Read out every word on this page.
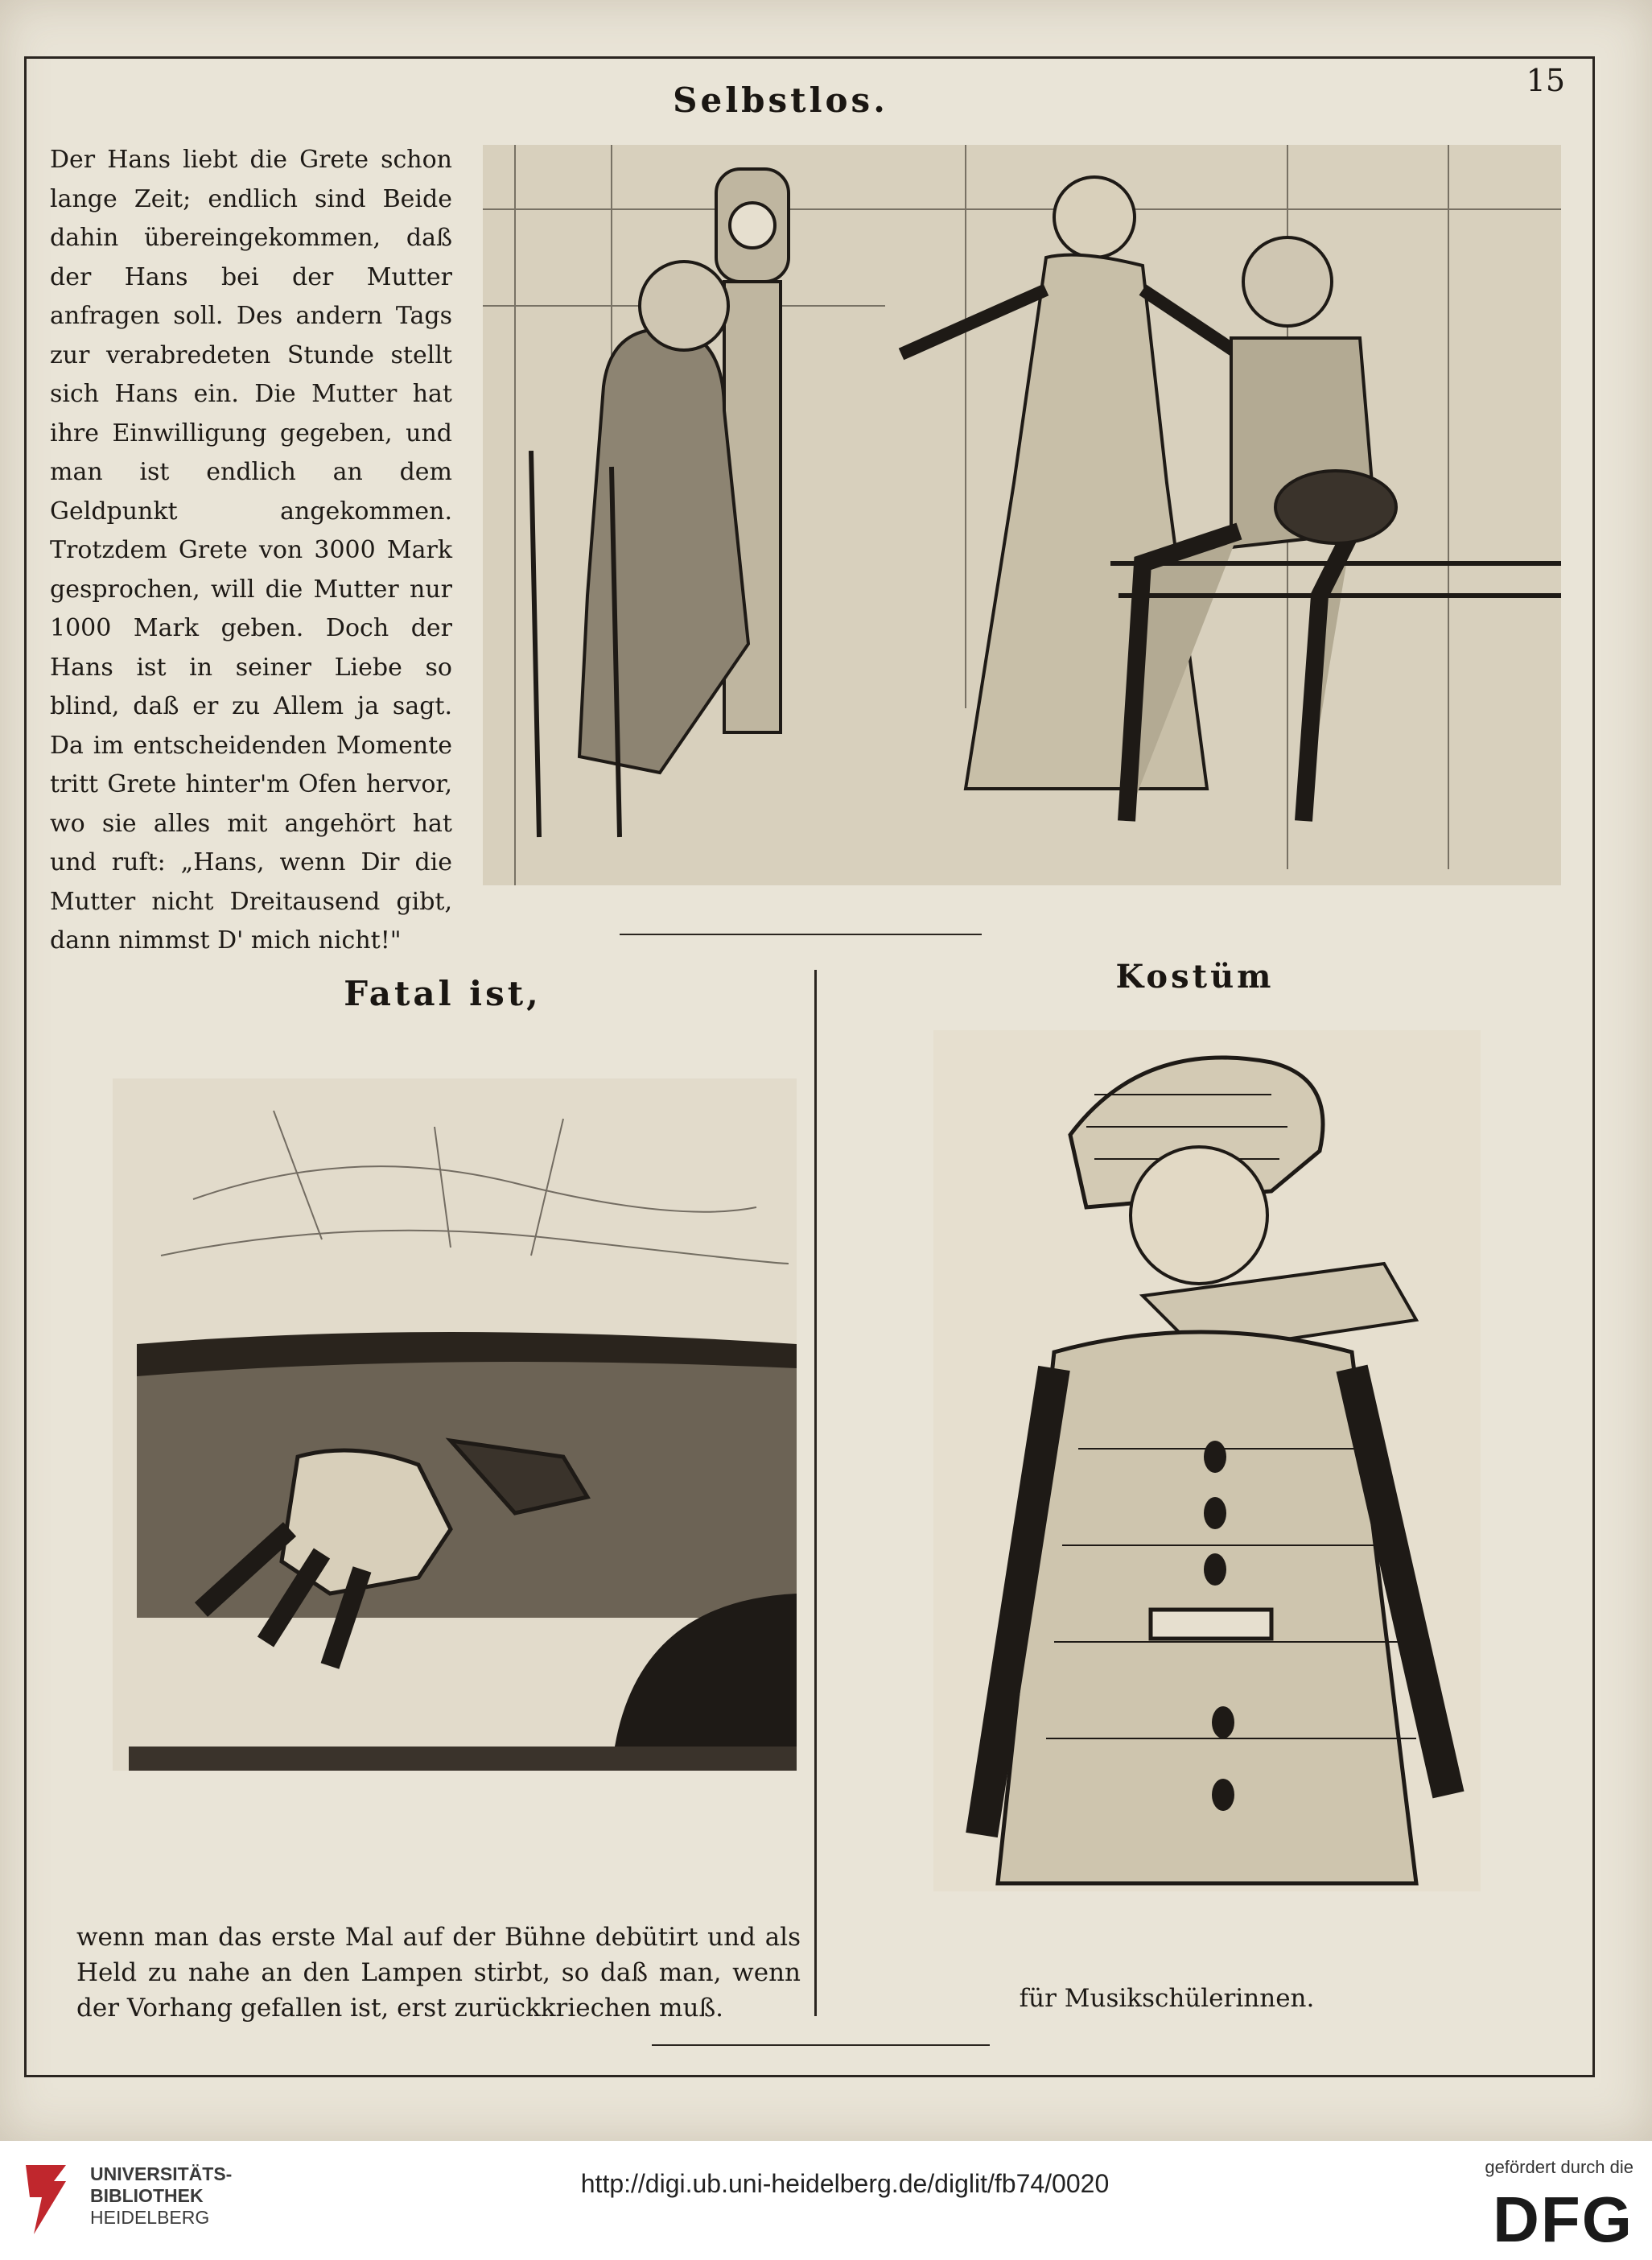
15
Selbstlos.
Der Hans liebt die Grete schon lange Zeit; endlich sind Beide dahin übereingekommen, daß der Hans bei der Mutter anfragen soll. Des andern Tags zur verabredeten Stunde stellt sich Hans ein. Die Mutter hat ihre Einwilligung gegeben, und man ist endlich an dem Geldpunkt angekommen. Trotzdem Grete von 3000 Mark gesprochen, will die Mutter nur 1000 Mark geben. Doch der Hans ist in seiner Liebe so blind, daß er zu Allem ja sagt. Da im entscheidenden Momente tritt Grete hinter'm Ofen hervor, wo sie alles mit angehört hat und ruft: „Hans, wenn Dir die Mutter nicht Dreitausend gibt, dann nimmst D' mich nicht!"
Fatal ist,	Kostüm
wenn man das erste Mal auf der Bühne debütirt und als Held zu nahe an den Lampen stirbt, so daß man, wenn der Vorhang gefallen ist, erst zurückkriechen muß.	für Musikschülerinnen.
UNIVERSITÄTS-
BIBLIOTHEK
HEIDELBERG
http://digi.ub.uni-heidelberg.de/diglit/fb74/0020
gefördert durch die
DFG
